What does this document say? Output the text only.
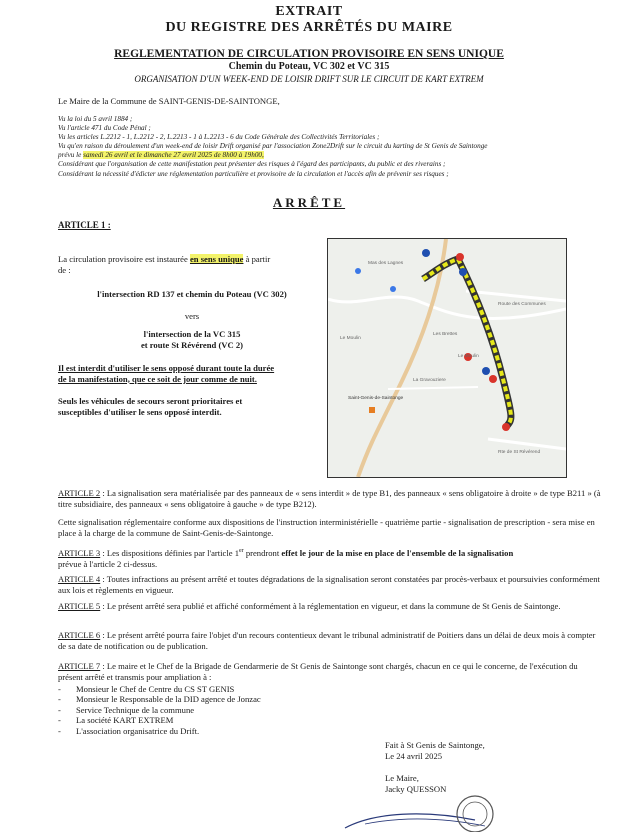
EXTRAIT
DU REGISTRE DES ARRÊTÉS DU MAIRE
REGLEMENTATION DE CIRCULATION PROVISOIRE EN SENS UNIQUE
Chemin du Poteau, VC 302 et VC 315
ORGANISATION D'UN WEEK-END DE LOISIR DRIFT SUR LE CIRCUIT DE KART EXTREM
Le Maire de la Commune de SAINT-GENIS-DE-SAINTONGE,
Vu la loi du 5 avril 1884 ;
Vu l'article 471 du Code Pénal ;
Vu les articles L.2212 - 1, L.2212 - 2, L.2213 - 1 à L.2213 - 6 du Code Générale des Collectivités Territoriales ;
Vu qu'en raison du déroulement d'un week-end de loisir Drift organisé par l'association Zone2Drift sur le circuit du karting de St Genis de Saintonge
prévu le samedi 26 avril et le dimanche 27 avril 2025 de 8h00 à 19h00,
Considérant que l'organisation de cette manifestation peut présenter des risques à l'égard des participants, du public et des riverains ;
Considérant la nécessité d'édicter une réglementation particulière et provisoire de la circulation et l'accès afin de prévenir ses risques ;
ARRÊTE
ARTICLE 1 :
La circulation provisoire est instaurée en sens unique à partir
de :
l'intersection RD 137 et chemin du Poteau (VC 302)
vers
l'intersection de la VC 315
et route St Révérend (VC 2)
Il est interdit d'utiliser le sens opposé durant toute la durée
de la manifestation, que ce soit de jour comme de nuit.
Seuls les véhicules de secours seront prioritaires et
susceptibles d'utiliser le sens opposé interdit.
Le Moulin
Les Brettes
Le Moulin
La Gravouziere
Saint-Genis-de-Saintonge
Rte de St Révérend
Route des Communes
Mas des Lagnes
ARTICLE 2 : La signalisation sera matérialisée par des panneaux de « sens interdit » de type B1, des panneaux « sens obligatoire à droite » de type B211 » (à titre subsidiaire, des panneaux « sens obligatoire à gauche » de type B212).
Cette signalisation réglementaire conforme aux dispositions de l'instruction interministérielle - quatrième partie - signalisation de prescription - sera mise en place à la charge de la commune de Saint-Genis-de-Saintonge.
ARTICLE 3 : Les dispositions définies par l'article 1er prendront effet le jour de la mise en place de l'ensemble de la signalisation
prévue à l'article 2 ci-dessus.
ARTICLE 4 : Toutes infractions au présent arrêté et toutes dégradations de la signalisation seront constatées par procès-verbaux et poursuivies conformément aux lois et règlements en vigueur.
ARTICLE 5 : Le présent arrêté sera publié et affiché conformément à la réglementation en vigueur, et dans la commune de St Genis de Saintonge.
ARTICLE 6 : Le présent arrêté pourra faire l'objet d'un recours contentieux devant le tribunal administratif de Poitiers dans un délai de deux mois à compter de sa date de notification ou de publication.
ARTICLE 7 : Le maire et le Chef de la Brigade de Gendarmerie de St Genis de Saintonge sont chargés, chacun en ce qui le concerne, de l'exécution du présent arrêté et transmis pour ampliation à :
- Monsieur le Chef de Centre du CS ST GENIS
- Monsieur le Responsable de la DID agence de Jonzac
- Service Technique de la commune
- La société KART EXTREM
- L'association organisatrice du Drift.
Fait à St Genis de Saintonge,
Le 24 avril 2025
Le Maire,
Jacky QUESSON
